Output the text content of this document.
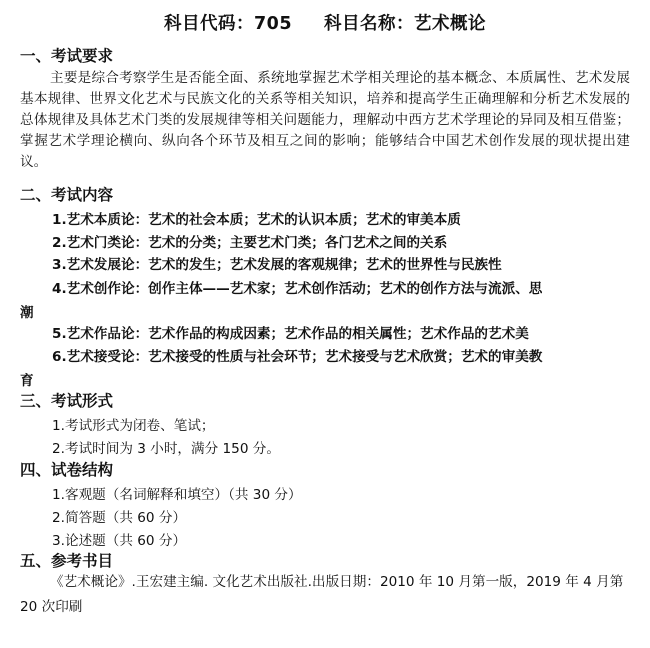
科目代码：705 科目名称：艺术概论
一、考试要求
主要是综合考察学生是否能全面、系统地掌握艺术学相关理论的基本概念、本质属性、艺术发展基本规律、世界文化艺术与民族文化的关系等相关知识，培养和提高学生正确理解和分析艺术发展的总体规律及具体艺术门类的发展规律等相关问题能力，理解动中西方艺术学理论的异同及相互借鉴；掌握艺术学理论横向、纵向各个环节及相互之间的影响；能够结合中国艺术创作发展的现状提出建议。
二、考试内容
1.艺术本质论：艺术的社会本质；艺术的认识本质；艺术的审美本质
2.艺术门类论：艺术的分类；主要艺术门类；各门艺术之间的关系
3.艺术发展论：艺术的发生；艺术发展的客观规律；艺术的世界性与民族性
4.艺术创作论：创作主体——艺术家；艺术创作活动；艺术的创作方法与流派、思
潮
5.艺术作品论：艺术作品的构成因素；艺术作品的相关属性；艺术作品的艺术美
6.艺术接受论：艺术接受的性质与社会环节；艺术接受与艺术欣赏；艺术的审美教
育
三、考试形式
1.考试形式为闭卷、笔试；
2.考试时间为 3 小时，满分 150 分。
四、试卷结构
1.客观题（名词解释和填空）（共 30 分）
2.简答题（共 60 分）
3.论述题（共 60 分）
五、参考书目
《艺术概论》.王宏建主编. 文化艺术出版社.出版日期：2010 年 10 月第一版，2019 年 4 月第 20 次印刷
